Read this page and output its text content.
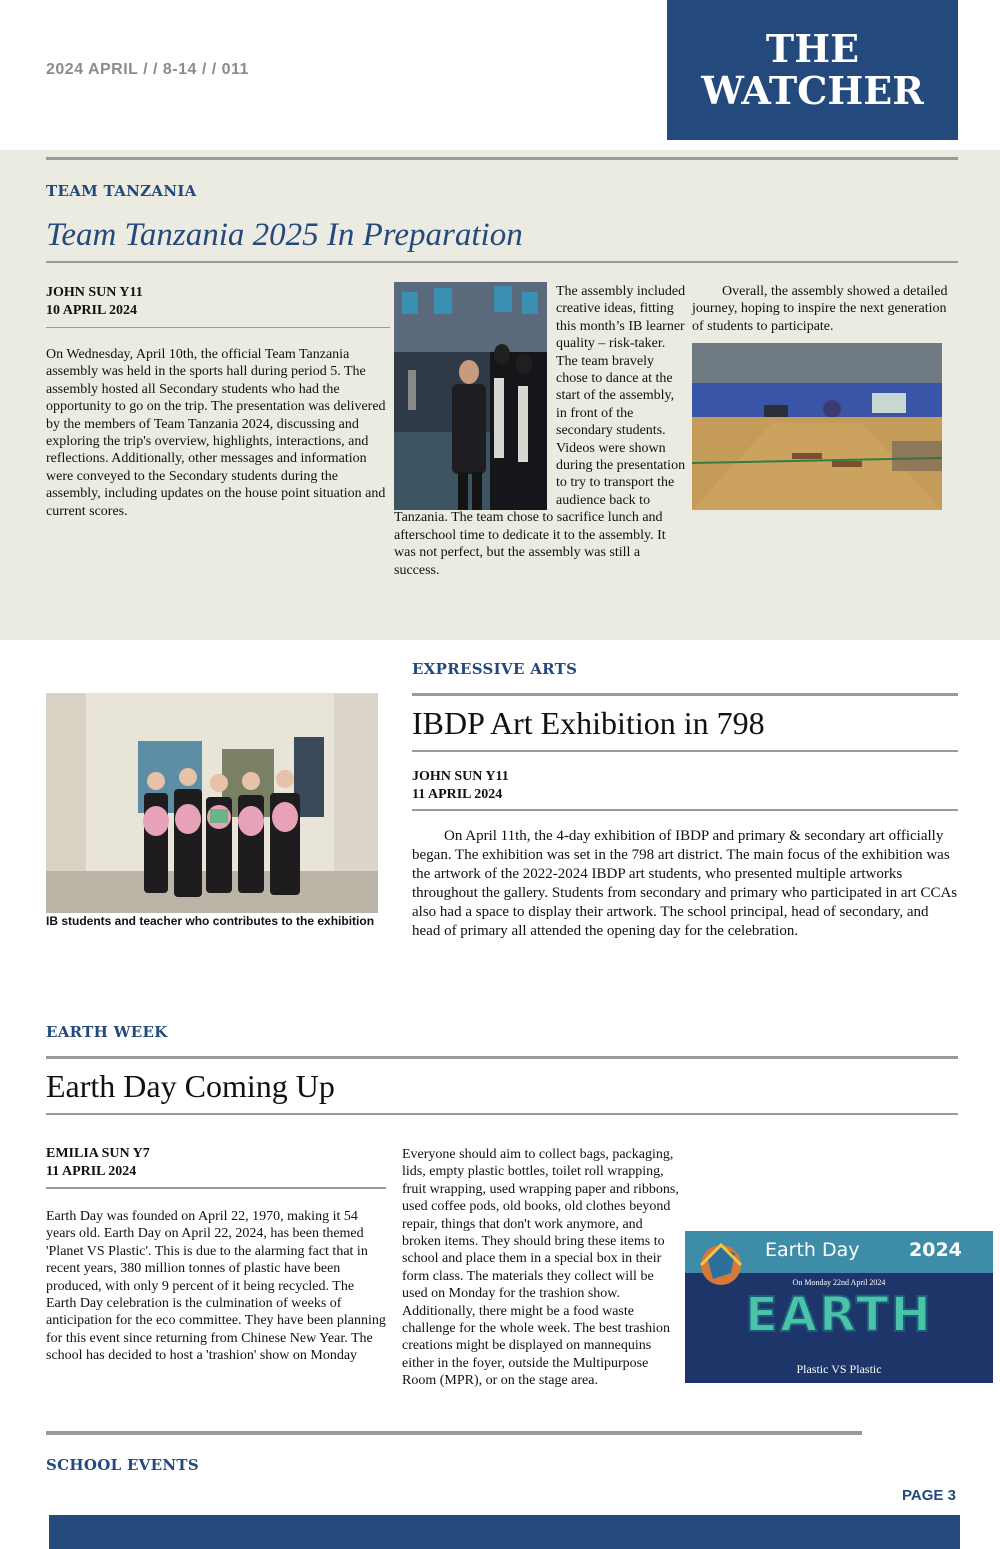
2024 APRIL / / 8-14 / / 011	THE
WATCHER
TEAM TANZANIA
Team Tanzania 2025 In Preparation
JOHN SUN Y11
10 APRIL 2024
On Wednesday, April 10th, the official Team Tanzania assembly was held in the sports hall during period 5. The assembly hosted all Secondary students who had the opportunity to go on the trip. The presentation was delivered by the members of Team Tanzania 2024, discussing and exploring the trip's overview, highlights, interactions, and reflections. Additionally, other messages and information were conveyed to the Secondary students during the assembly, including updates on the house point situation and current scores.
The assembly included creative ideas, fitting this month’s IB learner quality – risk-taker. The team bravely chose to dance at the start of the assembly, in front of the secondary students. Videos were shown during the presentation to try to transport the audience back to Tanzania. The team chose to sacrifice lunch and afterschool time to dedicate it to the assembly. It was not perfect, but the assembly was still a success.
Overall, the assembly showed a detailed journey, hoping to inspire the next generation of students to participate.
EXPRESSIVE ARTS
IBDP Art Exhibition in 798
JOHN SUN Y11
11 APRIL 2024
On April 11th, the 4-day exhibition of IBDP and primary & secondary art officially began. The exhibition was set in the 798 art district. The main focus of the exhibition was the artwork of the 2022-2024 IBDP art students, who presented multiple artworks throughout the gallery. Students from secondary and primary who participated in art CCAs also had a space to display their artwork. The school principal, head of secondary, and head of primary all attended the opening day for the celebration.
IB students and teacher who contributes to the exhibition
EARTH WEEK
Earth Day Coming Up
EMILIA SUN Y7
11 APRIL 2024
Earth Day was founded on April 22, 1970, making it 54 years old. Earth Day on April 22, 2024, has been themed 'Planet VS Plastic'. This is due to the alarming fact that in recent years, 380 million tonnes of plastic have been produced, with only 9 percent of it being recycled. The Earth Day celebration is the culmination of weeks of anticipation for the eco committee. They have been planning for this event since returning from Chinese New Year. The school has decided to host a 'trashion' show on Monday
Everyone should aim to collect bags, packaging, lids, empty plastic bottles, toilet roll wrapping, fruit wrapping, used wrapping paper and ribbons, used coffee pods, old books, old clothes beyond repair, things that don't work anymore, and broken items. They should bring these items to school and place them in a special box in their form class. The materials they collect will be used on Monday for the trashion show. Additionally, there might be a food waste challenge for the whole week. The best trashion creations might be displayed on mannequins either in the foyer, outside the Multipurpose Room (MPR), or on the stage area.
Earth Day	2024
On Monday 22nd April 2024
EARTH
Plastic VS Plastic
SCHOOL EVENTS
PAGE 3
